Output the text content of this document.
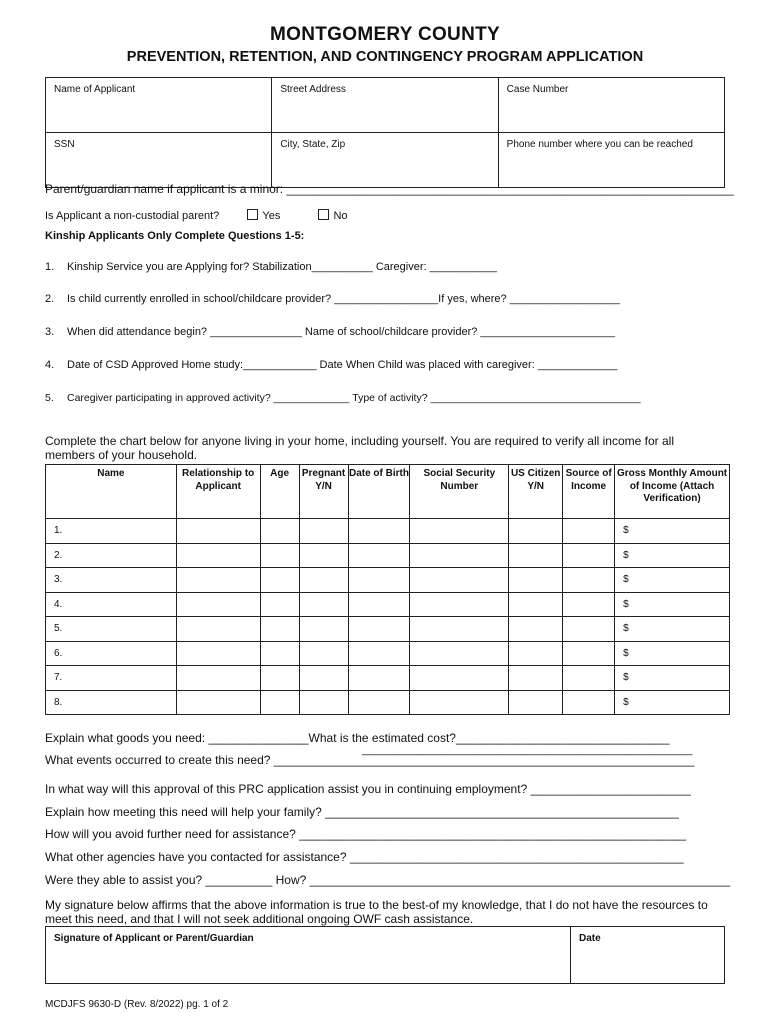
MONTGOMERY COUNTY
PREVENTION, RETENTION, AND CONTINGENCY PROGRAM APPLICATION
Name of Applicant	Street Address	Case Number
SSN	City, State, Zip	Phone number where you can be reached
Parent/guardian name if applicant is a minor: ___________________________________________________________________
Is Applicant a non-custodial parent?	Yes	No
Kinship Applicants Only Complete Questions 1-5:
1. Kinship Service you are Applying for? Stabilization__________ Caregiver: ___________
2. Is child currently enrolled in school/childcare provider? _________________If yes, where? __________________
3. When did attendance begin? _______________ Name of school/childcare provider? ______________________
4. Date of CSD Approved Home study:____________ Date When Child was placed with caregiver: _____________
5. Caregiver participating in approved activity? _____________ Type of activity? ____________________________________
Complete the chart below for anyone living in your home, including yourself. You are required to verify all income for all members of your household.
Name	Relationship to Applicant	Age	Pregnant Y/N	Date of Birth	Social Security Number	US Citizen Y/N	Source of Income	Gross Monthly Amount of Income (Attach Verification)
1.								$
2.								$
3.								$
4.								$
5.								$
6.								$
7.								$
8.								$
Explain what goods you need: _______________What is the estimated cost?________________________________
______________________________________________________
What events occurred to create this need? _______________________________________________________________
In what way will this approval of this PRC application assist you in continuing employment? ________________________
Explain how meeting this need will help your family? _____________________________________________________
How will you avoid further need for assistance? __________________________________________________________
What other agencies have you contacted for assistance? __________________________________________________
Were they able to assist you? __________ How? _______________________________________________________________
My signature below affirms that the above information is true to the best-of my knowledge, that I do not have the resources to meet this need, and that I will not seek additional ongoing OWF cash assistance.
Signature of Applicant or Parent/Guardian	Date
MCDJFS 9630-D (Rev. 8/2022) pg. 1 of 2
